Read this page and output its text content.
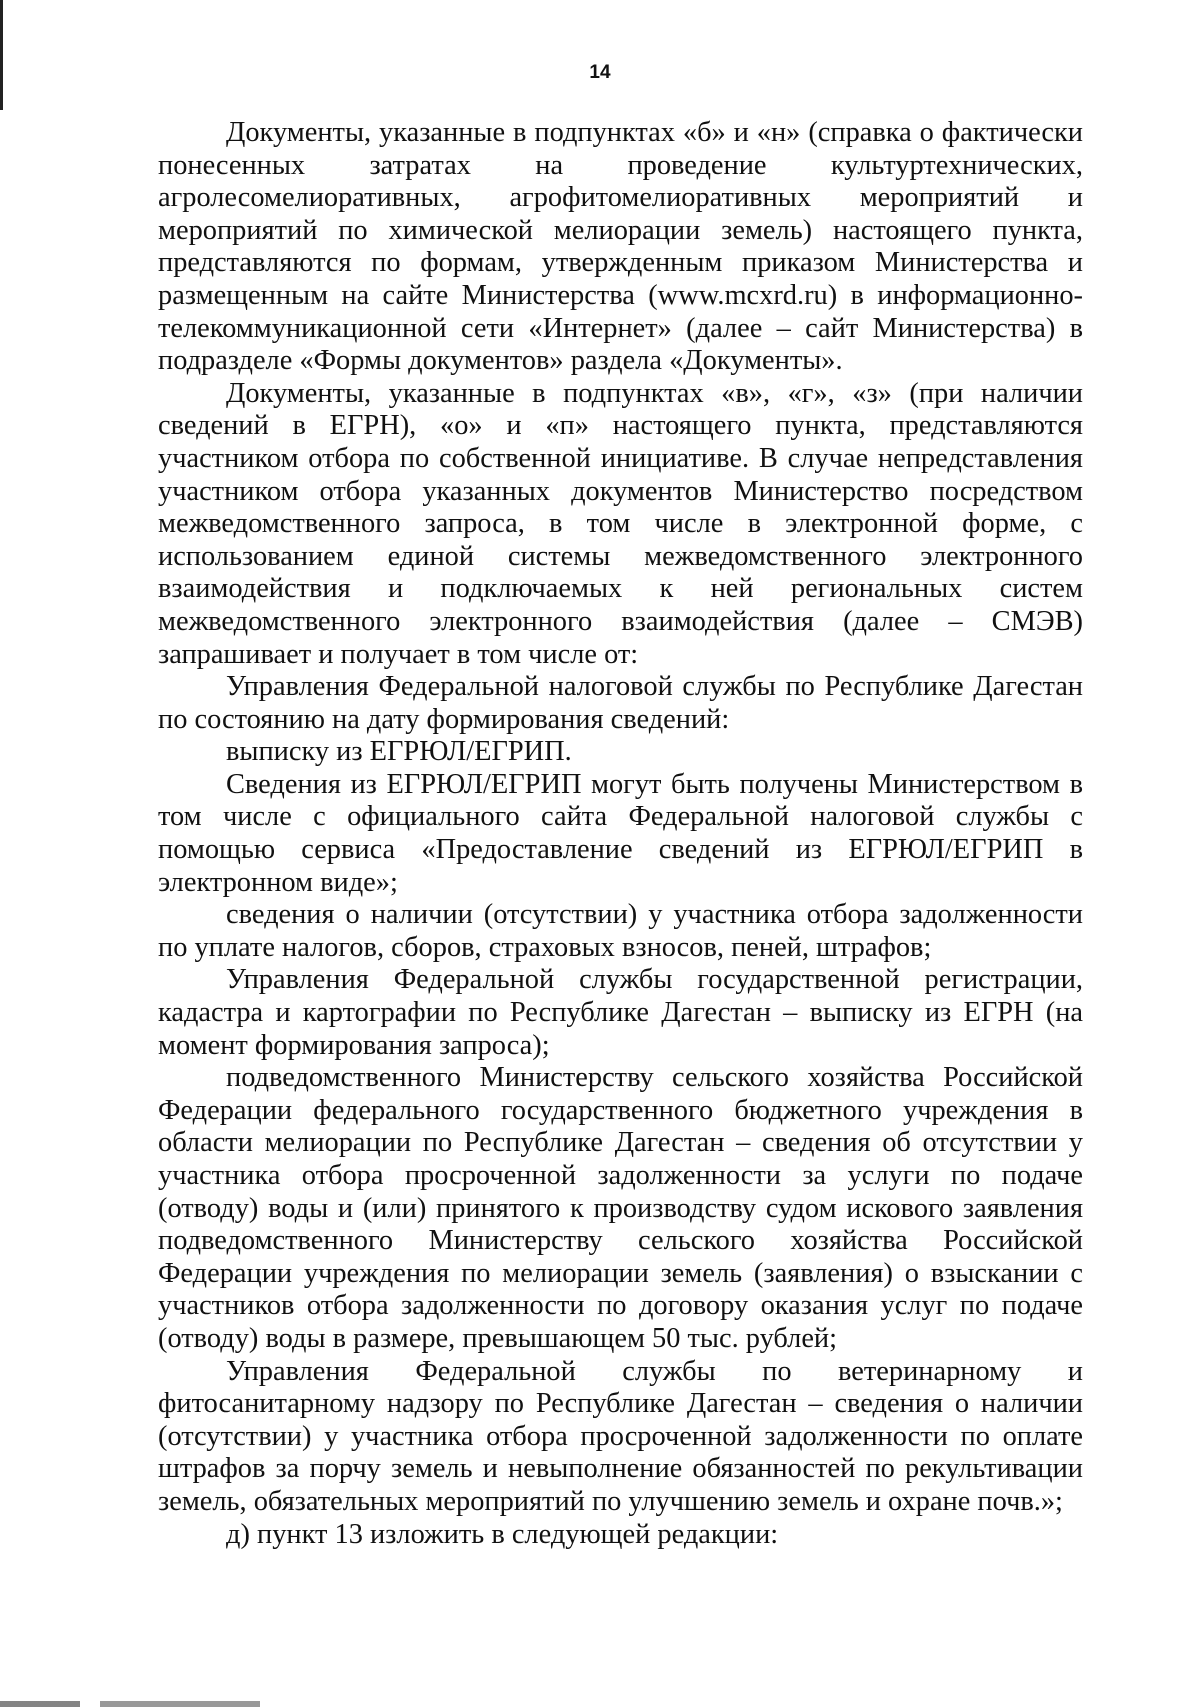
14

Документы, указанные в подпунктах «б» и «н» (справка о фактически понесенных затратах на проведение культуртехнических, агролесомелиоративных, агрофитомелиоративных мероприятий и мероприятий по химической мелиорации земель) настоящего пункта, представляются по формам, утвержденным приказом Министерства и размещенным на сайте Министерства (www.mcxrd.ru) в информационно-телекоммуникационной сети «Интернет» (далее – сайт Министерства) в подразделе «Формы документов» раздела «Документы».

Документы, указанные в подпунктах «в», «г», «з» (при наличии сведений в ЕГРН), «о» и «п» настоящего пункта, представляются участником отбора по собственной инициативе. В случае непредставления участником отбора указанных документов Министерство посредством межведомственного запроса, в том числе в электронной форме, с использованием единой системы межведомственного электронного взаимодействия и подключаемых к ней региональных систем межведомственного электронного взаимодействия (далее – СМЭВ) запрашивает и получает в том числе от:

Управления Федеральной налоговой службы по Республике Дагестан по состоянию на дату формирования сведений:

выписку из ЕГРЮЛ/ЕГРИП.

Сведения из ЕГРЮЛ/ЕГРИП могут быть получены Министерством в том числе с официального сайта Федеральной налоговой службы с помощью сервиса «Предоставление сведений из ЕГРЮЛ/ЕГРИП в электронном виде»;

сведения о наличии (отсутствии) у участника отбора задолженности по уплате налогов, сборов, страховых взносов, пеней, штрафов;

Управления Федеральной службы государственной регистрации, кадастра и картографии по Республике Дагестан – выписку из ЕГРН (на момент формирования запроса);

подведомственного Министерству сельского хозяйства Российской Федерации федерального государственного бюджетного учреждения в области мелиорации по Республике Дагестан – сведения об отсутствии у участника отбора просроченной задолженности за услуги по подаче (отводу) воды и (или) принятого к производству судом искового заявления подведомственного Министерству сельского хозяйства Российской Федерации учреждения по мелиорации земель (заявления) о взыскании с участников отбора задолженности по договору оказания услуг по подаче (отводу) воды в размере, превышающем 50 тыс. рублей;

Управления Федеральной службы по ветеринарному и фитосанитарному надзору по Республике Дагестан – сведения о наличии (отсутствии) у участника отбора просроченной задолженности по оплате штрафов за порчу земель и невыполнение обязанностей по рекультивации земель, обязательных мероприятий по улучшению земель и охране почв.»;

д) пункт 13 изложить в следующей редакции:
